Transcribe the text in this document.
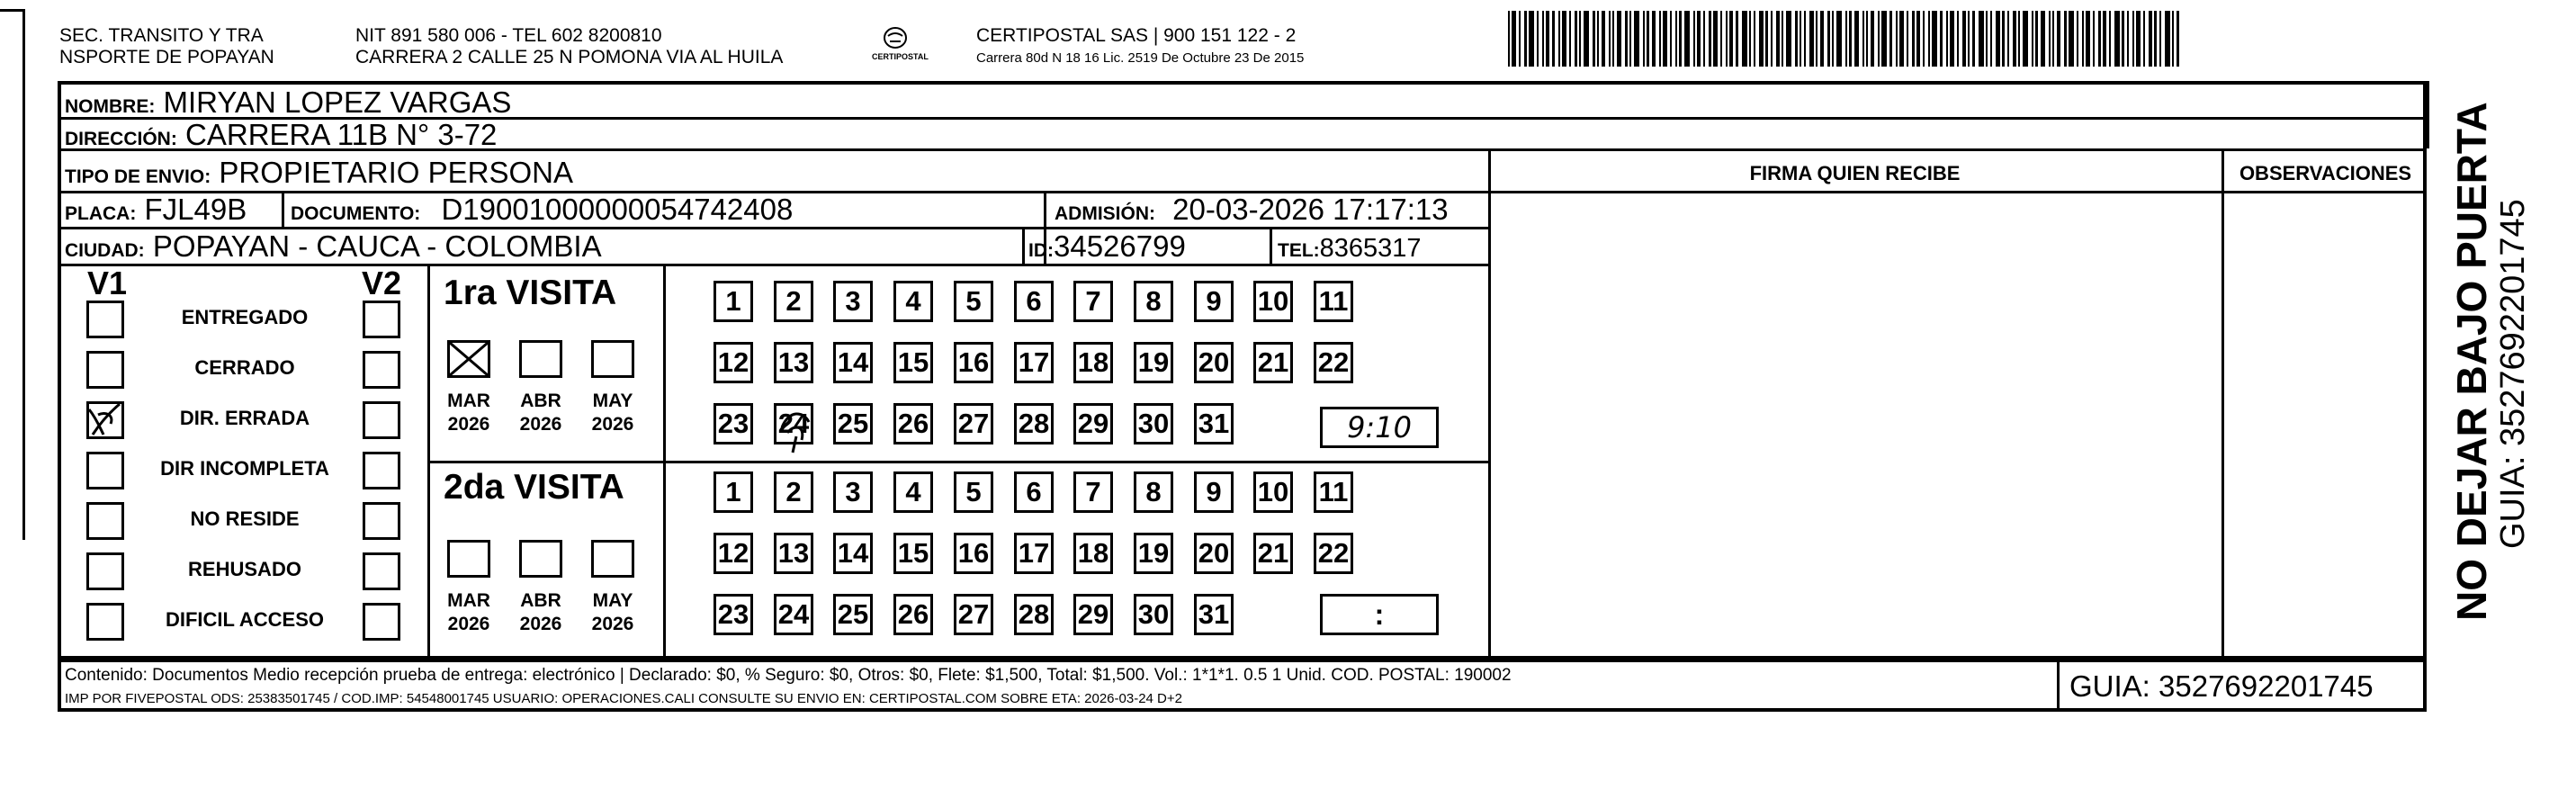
SEC. TRANSITO Y TRA
NSPORTE DE POPAYAN
NIT 891 580 006 - TEL 602 8200810
CARRERA 2 CALLE 25 N POMONA VIA AL HUILA	CERTIPOSTAL
CERTIPOSTAL SAS | 900 151 122 - 2
Carrera 80d N 18 16 Lic. 2519 De Octubre 23 De 2015
NOMBRE: MIRYAN LOPEZ VARGAS
DIRECCIÓN: CARRERA 11B N° 3-72
TIPO DE ENVIO: PROPIETARIO PERSONA	FIRMA QUIEN RECIBE	OBSERVACIONES
PLACA: FJL49B DOCUMENTO: D19001000000054742408	ADMISIÓN: 20-03-2026 17:17:13
CIUDAD: POPAYAN - CAUCA - COLOMBIA	ID:34526799	TEL:8365317
V1	V2 1ra VISITA
2da VISITA
MAR
2026
ABR
2026
MAY
2026
MAR
2026
ABR
2026
MAY
2026
1	2	3	4	5	6	7	8	9	10 11
12 13 14 15 16 17 18 19 20 21 22
23 24 25 26 27 28 29 30 31
1	2	3	4	5	6	7	8	9	10 11
12 13 14 15 16 17 18 19 20 21 22
23 24 25 26 27 28 29 30 31
9:10
:
Contenido: Documentos Medio recepción prueba de entrega: electrónico | Declarado: $0, % Seguro: $0, Otros: $0, Flete: $1,500, Total: $1,500. Vol.: 1*1*1. 0.5 1 Unid. COD. POSTAL: 190002
IMP POR FIVEPOSTAL ODS: 25383501745 / COD.IMP: 54548001745 USUARIO: OPERACIONES.CALI CONSULTE SU ENVIO EN: CERTIPOSTAL.COM SOBRE ETA: 2026-03-24 D+2	GUIA: 3527692201745
NO DEJAR BAJO PUERTA GUIA: 3527692201745
ENTREGADO
CERRADO
DIR. ERRADA
DIR INCOMPLETA
NO RESIDE
REHUSADO
DIFICIL ACCESO
